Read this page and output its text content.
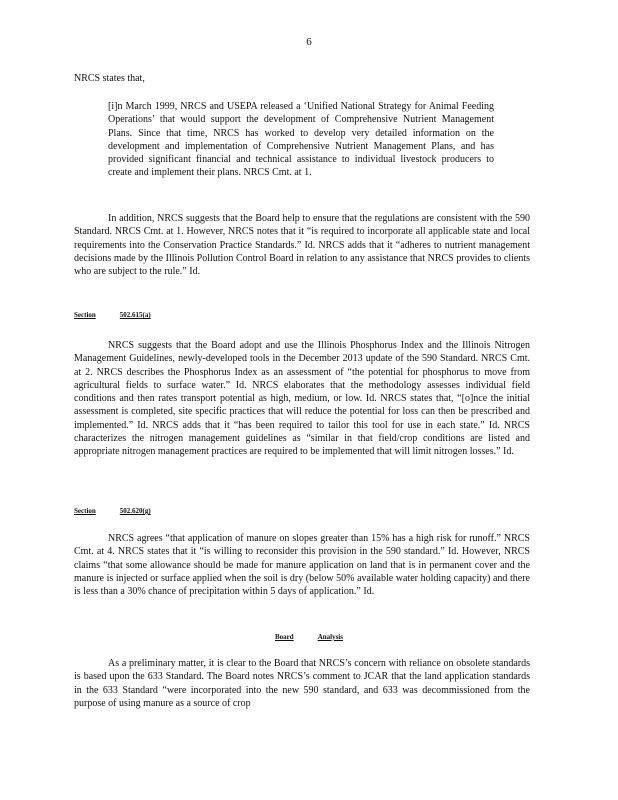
6

NRCS states that,

[i]n March 1999, NRCS and USEPA released a ‘Unified National Strategy for Animal Feeding Operations’ that would support the development of Comprehensive Nutrient Management Plans. Since that time, NRCS has worked to develop very detailed information on the development and implementation of Comprehensive Nutrient Management Plans, and has provided significant financial and technical assistance to individual livestock producers to create and implement their plans. NRCS Cmt. at 1.

In addition, NRCS suggests that the Board help to ensure that the regulations are consistent with the 590 Standard. NRCS Cmt. at 1. However, NRCS notes that it “is required to incorporate all applicable state and local requirements into the Conservation Practice Standards.” Id. NRCS adds that it “adheres to nutrient management decisions made by the Illinois Pollution Control Board in relation to any assistance that NRCS provides to clients who are subject to the rule.” Id.

Section	502.615(a)

NRCS suggests that the Board adopt and use the Illinois Phosphorus Index and the Illinois Nitrogen Management Guidelines, newly-developed tools in the December 2013 update of the 590 Standard. NRCS Cmt. at 2. NRCS describes the Phosphorus Index as an assessment of “the potential for phosphorus to move from agricultural fields to surface water.” Id. NRCS elaborates that the methodology assesses individual field conditions and then rates transport potential as high, medium, or low. Id. NRCS states that, “[o]nce the initial assessment is completed, site specific practices that will reduce the potential for loss can then be prescribed and implemented.” Id. NRCS adds that it “has been required to tailor this tool for use in each state.” Id. NRCS characterizes the nitrogen management guidelines as “similar in that field/crop conditions are listed and appropriate nitrogen management practices are required to be implemented that will limit nitrogen losses.” Id.

Section	502.620(g)

NRCS agrees “that application of manure on slopes greater than 15% has a high risk for runoff.” NRCS Cmt. at 4. NRCS states that it “is willing to reconsider this provision in the 590 standard.” Id. However, NRCS claims “that some allowance should be made for manure application on land that is in permanent cover and the manure is injected or surface applied when the soil is dry (below 50% available water holding capacity) and there is less than a 30% chance of precipitation within 5 days of application.” Id.

Board	Analysis

As a preliminary matter, it is clear to the Board that NRCS’s concern with reliance on obsolete standards is based upon the 633 Standard. The Board notes NRCS’s comment to JCAR that the land application standards in the 633 Standard “were incorporated into the new 590 standard, and 633 was decommissioned from the purpose of using manure as a source of crop
